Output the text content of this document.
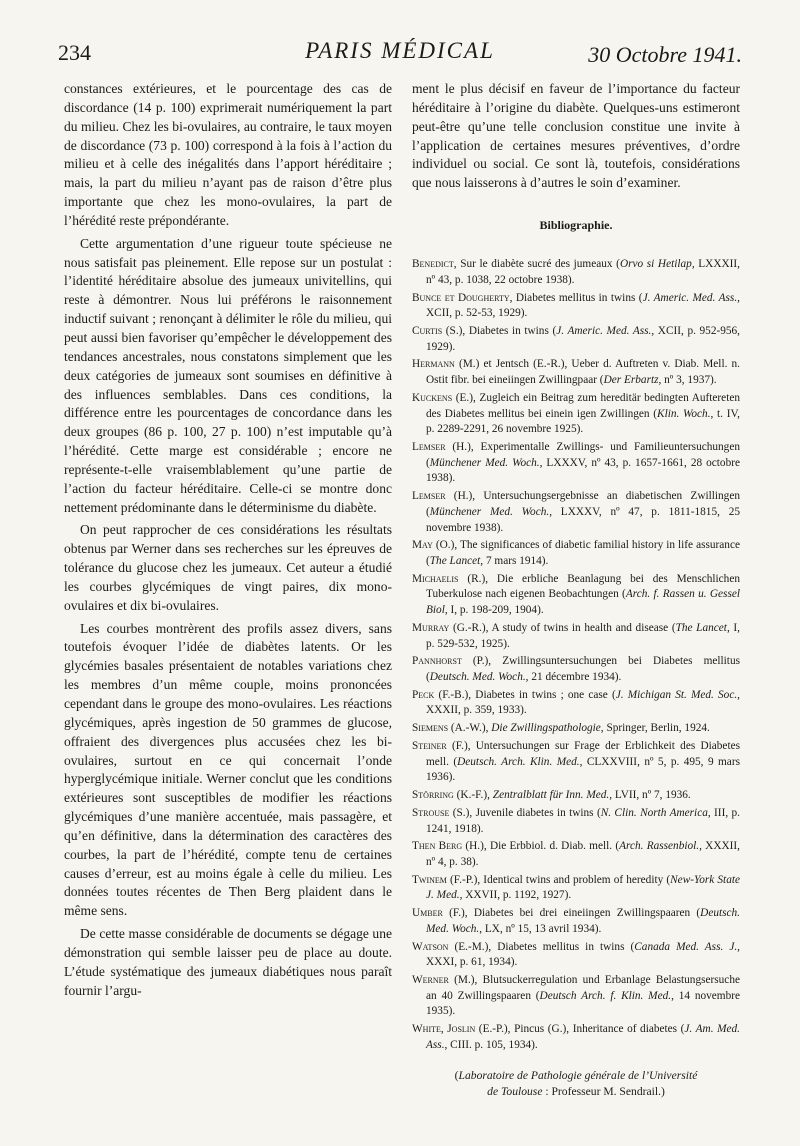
234	PARIS MÉDICAL	30 Octobre 1941.

constances extérieures, et le pourcentage des cas de discordance (14 p. 100) exprimerait numériquement la part du milieu. Chez les bi-ovulaires, au contraire, le taux moyen de discordance (73 p. 100) correspond à la fois à l’action du milieu et à celle des inégalités dans l’apport héréditaire ; mais, la part du milieu n’ayant pas de raison d’être plus importante que chez les mono-ovulaires, la part de l’hérédité reste prépondérante.

Cette argumentation d’une rigueur toute spécieuse ne nous satisfait pas pleinement. Elle repose sur un postulat : l’identité héréditaire absolue des jumeaux univitellins, qui reste à démontrer. Nous lui préférons le raisonnement inductif suivant ; renonçant à délimiter le rôle du milieu, qui peut aussi bien favoriser qu’empêcher le développement des tendances ancestrales, nous constatons simplement que les deux catégories de jumeaux sont soumises en définitive à des influences semblables. Dans ces conditions, la différence entre les pourcentages de concordance dans les deux groupes (86 p. 100, 27 p. 100) n’est imputable qu’à l’hérédité. Cette marge est considérable ; encore ne représente-t-elle vraisemblablement qu’une partie de l’action du facteur héréditaire. Celle-ci se montre donc nettement prédominante dans le déterminisme du diabète.

On peut rapprocher de ces considérations les résultats obtenus par Werner dans ses recherches sur les épreuves de tolérance du glucose chez les jumeaux. Cet auteur a étudié les courbes glycémiques de vingt paires, dix mono-ovulaires et dix bi-ovulaires.

Les courbes montrèrent des profils assez divers, sans toutefois évoquer l’idée de diabètes latents. Or les glycémies basales présentaient de notables variations chez les membres d’un même couple, moins prononcées cependant dans le groupe des mono-ovulaires. Les réactions glycémiques, après ingestion de 50 grammes de glucose, offraient des divergences plus accusées chez les bi-ovulaires, surtout en ce qui concernait l’onde hyperglycémique initiale. Werner conclut que les conditions extérieures sont susceptibles de modifier les réactions glycémiques d’une manière accentuée, mais passagère, et qu’en définitive, dans la détermination des caractères des courbes, la part de l’hérédité, compte tenu de certaines causes d’erreur, est au moins égale à celle du milieu. Les données toutes récentes de Then Berg plaident dans le même sens.

De cette masse considérable de documents se dégage une démonstration qui semble laisser peu de place au doute. L’étude systématique des jumeaux diabétiques nous paraît fournir l’argu-

ment le plus décisif en faveur de l’importance du facteur héréditaire à l’origine du diabète. Quelques-uns estimeront peut-être qu’une telle conclusion constitue une invite à l’application de certaines mesures préventives, d’ordre individuel ou social. Ce sont là, toutefois, considérations que nous laisserons à d’autres le soin d’examiner.

Bibliographie.
Benedict, Sur le diabète sucré des jumeaux (Orvo si Hetilap, LXXXII, nº 43, p. 1038, 22 octobre 1938).
Bunce et Dougherty, Diabetes mellitus in twins (J. Americ. Med. Ass., XCII, p. 52-53, 1929).
Curtis (S.), Diabetes in twins (J. Americ. Med. Ass., XCII, p. 952-956, 1929).
Hermann (M.) et Jentsch (E.-R.), Ueber d. Auftreten v. Diab. Mell. n. Ostit fibr. bei eineiingen Zwillingpaar (Der Erbartz, nº 3, 1937).
Kuckens (E.), Zugleich ein Beitrag zum hereditär bedingten Auftereten des Diabetes mellitus bei einein igen Zwillingen (Klin. Woch., t. IV, p. 2289-2291, 26 novembre 1925).
Lemser (H.), Experimentalle Zwillings- und Familieuntersuchungen (Münchener Med. Woch., LXXXV, nº 43, p. 1657-1661, 28 octobre 1938).
Lemser (H.), Untersuchungsergebnisse an diabetischen Zwillingen (Münchener Med. Woch., LXXXV, nº 47, p. 1811-1815, 25 novembre 1938).
May (O.), The significances of diabetic familial history in life assurance (The Lancet, 7 mars 1914).
Michaelis (R.), Die erbliche Beanlagung bei des Menschlichen Tuberkulose nach eigenen Beobachtungen (Arch. f. Rassen u. Gessel Biol, I, p. 198-209, 1904).
Murray (G.-R.), A study of twins in health and disease (The Lancet, I, p. 529-532, 1925).
Pannhorst (P.), Zwillingsuntersuchungen bei Diabetes mellitus (Deutsch. Med. Woch., 21 décembre 1934).
Peck (F.-B.), Diabetes in twins ; one case (J. Michigan St. Med. Soc., XXXII, p. 359, 1933).
Siemens (A.-W.), Die Zwillingspathologie, Springer, Berlin, 1924.
Steiner (F.), Untersuchungen sur Frage der Erblichkeit des Diabetes mell. (Deutsch. Arch. Klin. Med., CLXXVIII, nº 5, p. 495, 9 mars 1936).
Störring (K.-F.), Zentralblatt für Inn. Med., LVII, nº 7, 1936.
Strouse (S.), Juvenile diabetes in twins (N. Clin. North America, III, p. 1241, 1918).
Then Berg (H.), Die Erbbiol. d. Diab. mell. (Arch. Rassenbiol., XXXII, nº 4, p. 38).
Twinem (F.-P.), Identical twins and problem of heredity (New-York State J. Med., XXVII, p. 1192, 1927).
Umber (F.), Diabetes bei drei eineiingen Zwillingspaaren (Deutsch. Med. Woch., LX, nº 15, 13 avril 1934).
Watson (E.-M.), Diabetes mellitus in twins (Canada Med. Ass. J., XXXI, p. 61, 1934).
Werner (M.), Blutsuckerregulation und Erbanlage Belastungsersuche an 40 Zwillingspaaren (Deutsch Arch. f. Klin. Med., 14 novembre 1935).
White, Joslin (E.-P.), Pincus (G.), Inheritance of diabetes (J. Am. Med. Ass., CIII. p. 105, 1934).
(Laboratoire de Pathologie générale de l’Université
de Toulouse : Professeur M. Sendrail.)
